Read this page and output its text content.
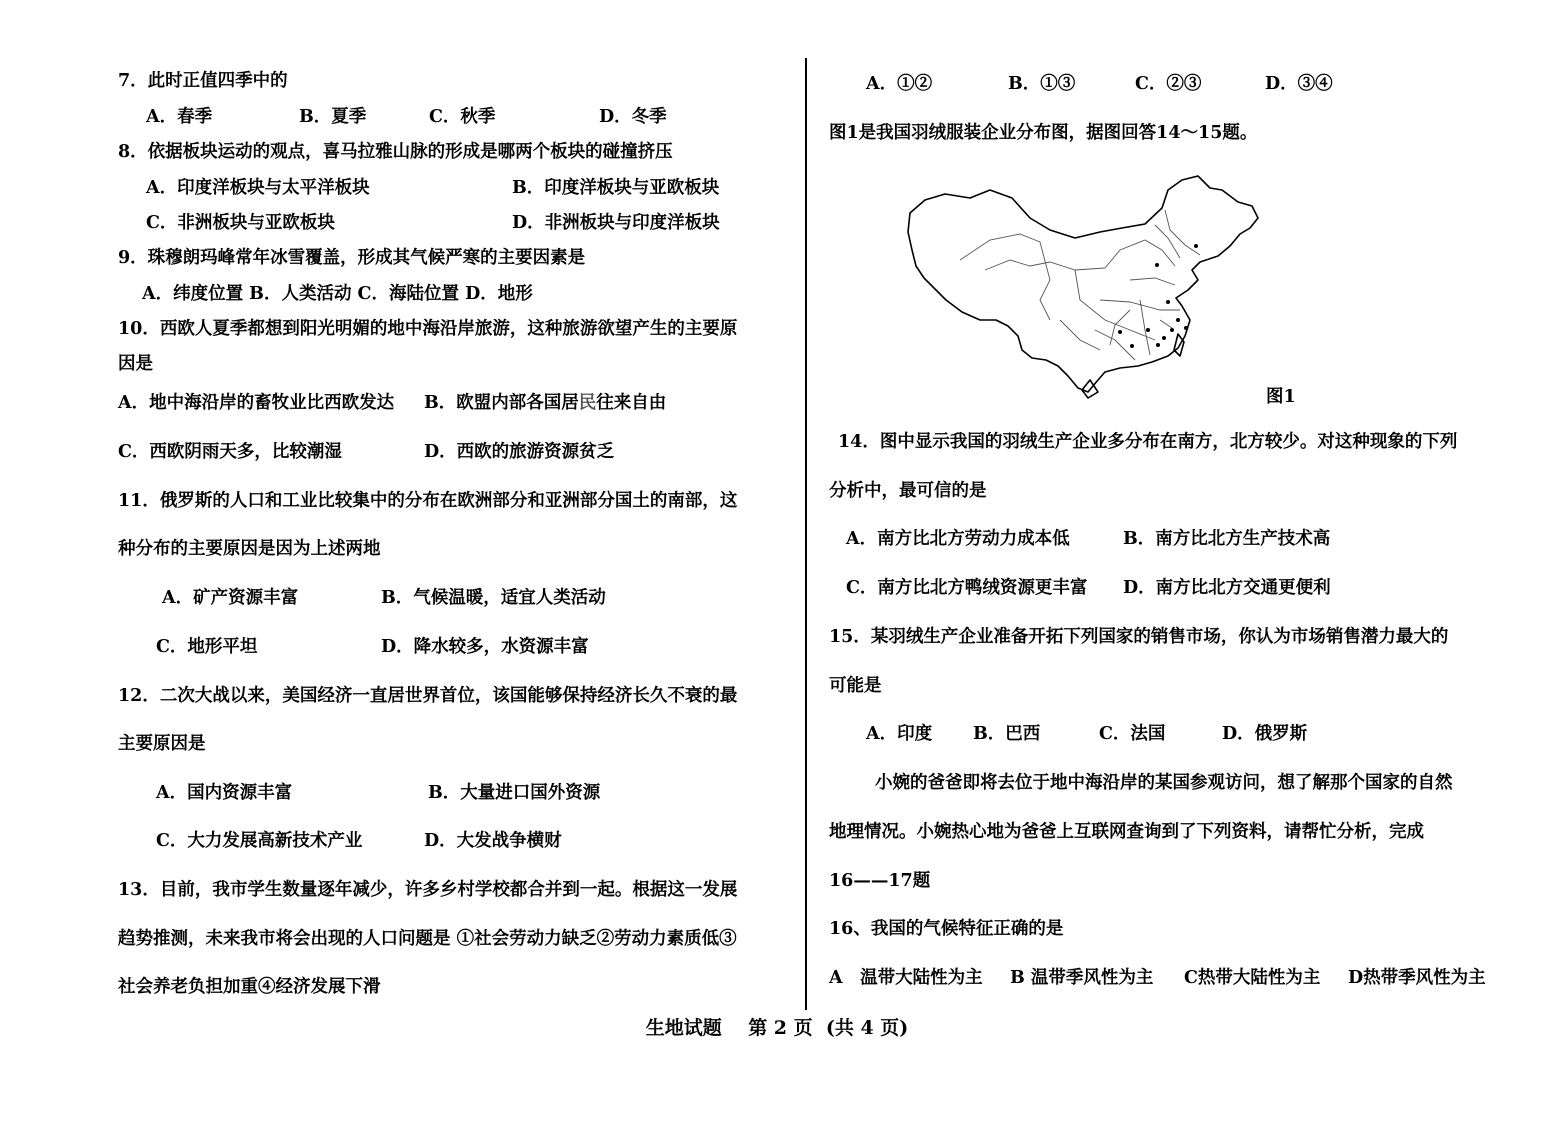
7．此时正值四季中的
A．春季	B．夏季	C．秋季	D．冬季
8．依据板块运动的观点，喜马拉雅山脉的形成是哪两个板块的碰撞挤压
A．印度洋板块与太平洋板块	B．印度洋板块与亚欧板块
C．非洲板块与亚欧板块	D．非洲板块与印度洋板块
9．珠穆朗玛峰常年冰雪覆盖，形成其气候严寒的主要因素是
A．纬度位置 B．人类活动 C．海陆位置 D．地形
10．西欧人夏季都想到阳光明媚的地中海沿岸旅游，这种旅游欲望产生的主要原
因是
A．地中海沿岸的畜牧业比西欧发达 B．欧盟内部各国居民往来自由
C．西欧阴雨天多，比较潮湿	D．西欧的旅游资源贫乏
11．俄罗斯的人口和工业比较集中的分布在欧洲部分和亚洲部分国土的南部，这
种分布的主要原因是因为上述两地
A．矿产资源丰富	B．气候温暖，适宜人类活动
C．地形平坦	D．降水较多，水资源丰富
12．二次大战以来，美国经济一直居世界首位，该国能够保持经济长久不衰的最
主要原因是
A．国内资源丰富	B．大量进口国外资源
C．大力发展高新技术产业	D．大发战争横财
13．目前，我市学生数量逐年减少，许多乡村学校都合并到一起。根据这一发展
趋势推测，未来我市将会出现的人口问题是 ①社会劳动力缺乏②劳动力素质低③
社会养老负担加重④经济发展下滑
A．①②	B．①③	C．②③	D．③④
图1是我国羽绒服装企业分布图，据图回答14～15题。
图1
14．图中显示我国的羽绒生产企业多分布在南方，北方较少。对这种现象的下列
分析中，最可信的是
A．南方比北方劳动力成本低	B．南方比北方生产技术高
C．南方比北方鸭绒资源更丰富 D．南方比北方交通更便利
15．某羽绒生产企业准备开拓下列国家的销售市场，你认为市场销售潜力最大的
可能是
A．印度 B．巴西	C．法国	D．俄罗斯
小婉的爸爸即将去位于地中海沿岸的某国参观访问，想了解那个国家的自然
地理情况。小婉热心地为爸爸上互联网查询到了下列资料，请帮忙分析，完成
16——17题
16、我国的气候特征正确的是
A　温带大陆性为主 B 温带季风性为主 C热带大陆性为主 D热带季风性为主
生地试题 第 2 页  (共 4 页)
